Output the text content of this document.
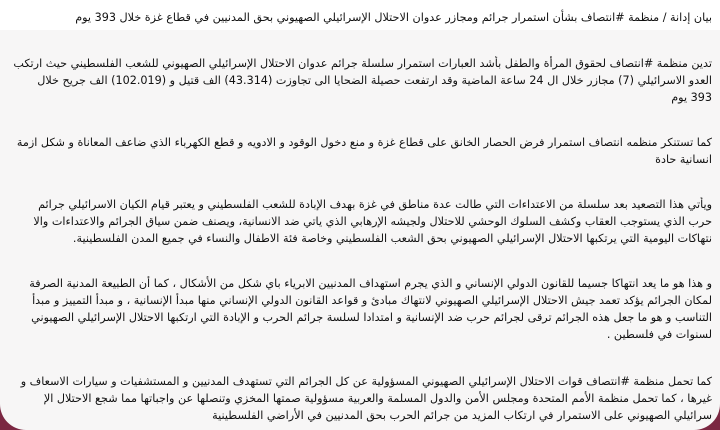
بيان إدانة / منظمة #انتصاف بشأن استمرار جرائم ومجازر عدوان الاحتلال الإسرائيلي الصهيوني بحق المدنيين في قطاع غزة خلال 393 يوم
تدين منظمة #انتصاف لحقوق المرأة والطفل بأشد العبارات استمرار سلسلة جرائم عدوان الاحتلال الإسرائيلي الصهيوني للشعب الفلسطيني حيث ارتكب
العدو الاسرائيلي (7) مجازر خلال ال 24 ساعة الماضية وقد ارتفعت حصيلة الضحايا الى تجاوزت (43.314) الف قتيل و (102.019) الف جريح خلال
393 يوم
كما تستنكر منظمه انتصاف استمرار فرض الحصار الخانق على قطاع غزة و منع دخول الوقود و الادويه و قطع الكهرباء الذي ضاعف المعاناة و شكل ازمة
انسانية حادة
ويأتي هذا التصعيد بعد سلسلة من الاعتداءات التي طالت عدة مناطق في غزة بهدف الإبادة للشعب الفلسطيني و يعتبر قيام الكيان الاسرائيلي جرائم
حرب الذي يستوجب العقاب وكشف السلوك الوحشي للاحتلال ولجيشه الإرهابي الذي ياتي ضد الانسانية، ويصنف ضمن سياق الجرائم والاعتداءات والا
نتهاكات اليومية التي يرتكبها الاحتلال الإسرائيلي الصهيوني بحق الشعب الفلسطيني وخاصة فئة الاطفال والنساء في جميع المدن الفلسطينية.
و هذا هو ما يعد انتهاكا جسيما للقانون الدولي الإنساني و الذي يجرم استهداف المدنيين الابرياء باي شكل من الأشكال ، كما أن الطبيعة المدنية الصرفة
لمكان الجرائم يؤكد تعمد جيش الاحتلال الإسرائيلي الصهيوني لانتهاك مبادئ و قواعد القانون الدولي الإنساني منها مبدأ الإنسانية ، و مبدأ التمييز و مبدأ
التناسب و هو ما جعل هذه الجرائم ترقى لجرائم حرب ضد الإنسانية و امتدادا لسلسة جرائم الحرب و الإبادة التي ارتكبها الاحتلال الإسرائيلي الصهيوني
لسنوات في فلسطين .
كما تحمل منظمة #انتصاف قوات الاحتلال الإسرائيلي الصهيوني المسؤولية عن كل الجرائم التي تستهدف المدنيين و المستشفيات و سيارات الاسعاف و
غيرها ، كما تحمل منظمة الأمم المتحدة ومجلس الأمن والدول المسلمة والعربية مسؤولية صمتها المخزي وتنصلها عن واجباتها مما شجع الاحتلال الإ
سرائيلي الصهيوني على الاستمرار في ارتكاب المزيد من جرائم الحرب بحق المدنيين في الأراضي الفلسطينية
